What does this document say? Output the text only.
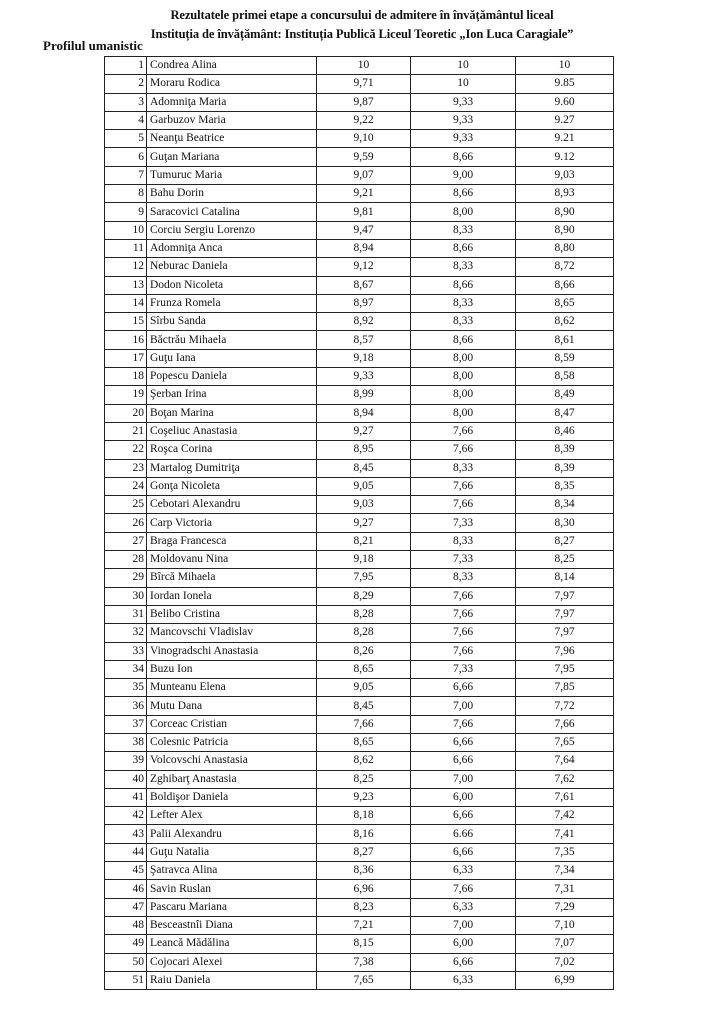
Rezultatele primei etape a concursului de admitere în învățământul liceal
Instituția de învățământ: Instituția Publică Liceul Teoretic „Ion Luca Caragiale”
Profilul umanistic
1	Condrea Alina	10	10	10
2	Moraru Rodica	9,71	10	9.85
3	Adomniţa Maria	9,87	9,33	9.60
4	Garbuzov Maria	9,22	9,33	9.27
5	Neanţu Beatrice	9,10	9,33	9.21
6	Guţan Mariana	9,59	8,66	9.12
7	Tumuruc Maria	9,07	9,00	9,03
8	Bahu Dorin	9,21	8,66	8,93
9	Saracovici Catalina	9,81	8,00	8,90
10	Corciu Sergiu Lorenzo	9,47	8,33	8,90
11	Adomniţa Anca	8,94	8,66	8,80
12	Neburac Daniela	9,12	8,33	8,72
13	Dodon Nicoleta	8,67	8,66	8,66
14	Frunza Romela	8,97	8,33	8,65
15	Sîrbu Sanda	8,92	8,33	8,62
16	Băctrău Mihaela	8,57	8,66	8,61
17	Guţu Iana	9,18	8,00	8,59
18	Popescu Daniela	9,33	8,00	8,58
19	Şerban Irina	8,99	8,00	8,49
20	Boţan Marina	8,94	8,00	8,47
21	Coşeliuc Anastasia	9,27	7,66	8,46
22	Roşca Corina	8,95	7,66	8,39
23	Martalog Dumitriţa	8,45	8,33	8,39
24	Gonţa Nicoleta	9,05	7,66	8,35
25	Cebotari Alexandru	9,03	7,66	8,34
26	Carp Victoria	9,27	7,33	8,30
27	Braga Francesca	8,21	8,33	8,27
28	Moldovanu Nina	9,18	7,33	8,25
29	Bîrcă Mihaela	7,95	8,33	8,14
30	Iordan Ionela	8,29	7,66	7,97
31	Belibo Cristina	8,28	7,66	7,97
32	Mancovschi Vladislav	8,28	7,66	7,97
33	Vinogradschi Anastasia	8,26	7,66	7,96
34	Buzu Ion	8,65	7,33	7,95
35	Munteanu Elena	9,05	6,66	7,85
36	Mutu Dana	8,45	7,00	7,72
37	Corceac Cristian	7,66	7,66	7,66
38	Colesnic Patricia	8,65	6,66	7,65
39	Volcovschi Anastasia	8,62	6,66	7,64
40	Zghibarţ Anastasia	8,25	7,00	7,62
41	Boldişor Daniela	9,23	6,00	7,61
42	Lefter Alex	8,18	6,66	7,42
43	Palii Alexandru	8,16	6.66	7,41
44	Guţu Natalia	8,27	6,66	7,35
45	Şatravca Alina	8,36	6,33	7,34
46	Savin Ruslan	6,96	7,66	7,31
47	Pascaru Mariana	8,23	6,33	7,29
48	Besceastnîi Diana	7,21	7,00	7,10
49	Leancă Mădălina	8,15	6,00	7,07
50	Cojocari Alexei	7,38	6,66	7,02
51	Raiu Daniela	7,65	6,33	6,99
